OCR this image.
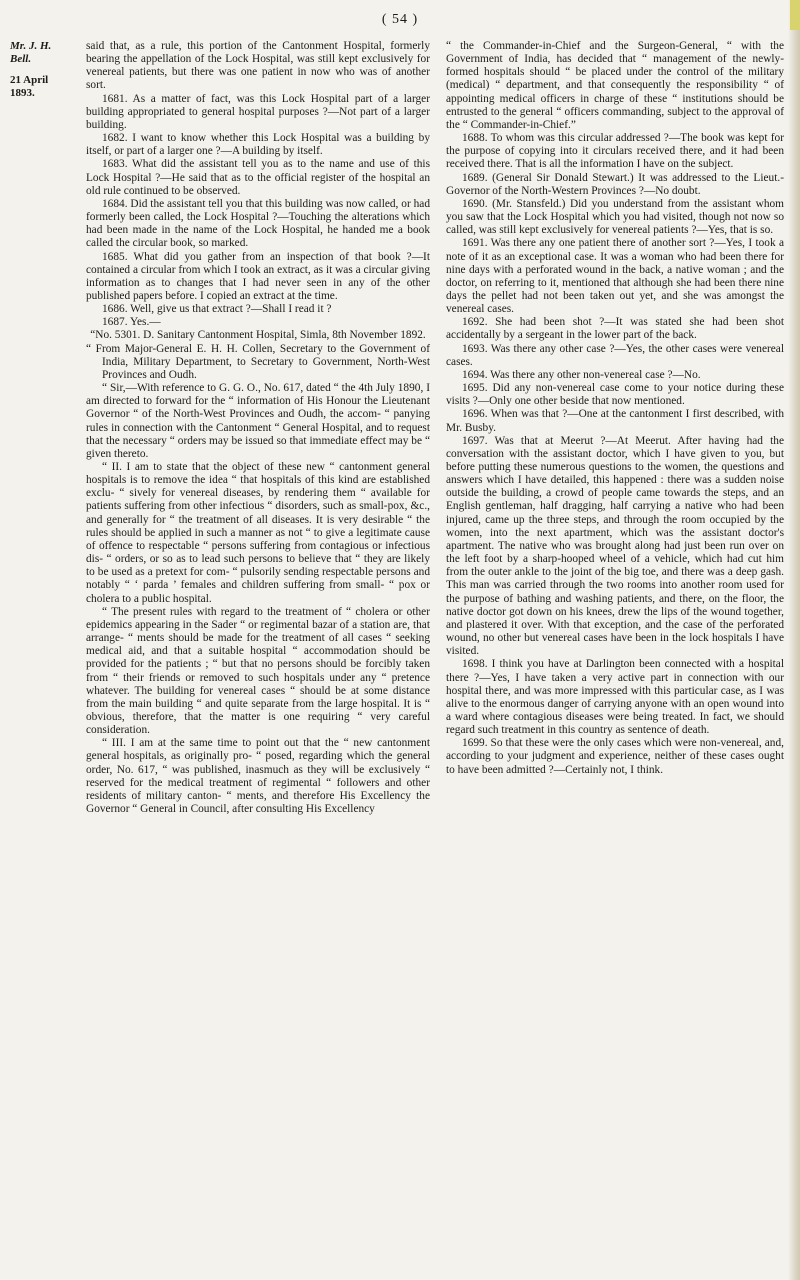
( 54 )
Mr. J. H. Bell.
21 April 1893.

said that, as a rule, this portion of the Cantonment Hospital, formerly bearing the appellation of the Lock Hospital, was still kept exclusively for venereal patients, but there was one patient in now who was of another sort.

1681. As a matter of fact, was this Lock Hospital part of a larger building appropriated to general hospital purposes ?—Not part of a larger building.

1682. I want to know whether this Lock Hospital was a building by itself, or part of a larger one ?—A building by itself.

1683. What did the assistant tell you as to the name and use of this Lock Hospital ?—He said that as to the official register of the hospital an old rule continued to be observed.

1684. Did the assistant tell you that this building was now called, or had formerly been called, the Lock Hospital ?—Touching the alterations which had been made in the name of the Lock Hospital, he handed me a book called the circular book, so marked.

1685. What did you gather from an inspection of that book ?—It contained a circular from which I took an extract, as it was a circular giving information as to changes that I had never seen in any of the other published papers before. I copied an extract at the time.

1686. Well, give us that extract ?—Shall I read it ?

1687. Yes.—

“No. 5301. D. Sanitary Cantonment Hospital, Simla, 8th November 1892.

“ From Major-General E. H. H. Collen, Secretary to the Government of India, Military Department, to Secretary to Government, North-West Provinces and Oudh.

“ Sir,—With reference to G. G. O., No. 617, dated “ the 4th July 1890, I am directed to forward for the “ information of His Honour the Lieutenant Governor “ of the North-West Provinces and Oudh, the accom- “ panying rules in connection with the Cantonment “ General Hospital, and to request that the necessary “ orders may be issued so that immediate effect may be “ given thereto.

“ II. I am to state that the object of these new “ cantonment general hospitals is to remove the idea “ that hospitals of this kind are established exclu- “ sively for venereal diseases, by rendering them “ available for patients suffering from other infectious “ disorders, such as small-pox, &c., and generally for “ the treatment of all diseases. It is very desirable “ the rules should be applied in such a manner as not “ to give a legitimate cause of offence to respectable “ persons suffering from contagious or infectious dis- “ orders, or so as to lead such persons to believe that “ they are likely to be used as a pretext for com- “ pulsorily sending respectable persons and notably “ ‘ parda ’ females and children suffering from small- “ pox or cholera to a public hospital.

“ The present rules with regard to the treatment of “ cholera or other epidemics appearing in the Sader “ or regimental bazar of a station are, that arrange- “ ments should be made for the treatment of all cases “ seeking medical aid, and that a suitable hospital “ accommodation should be provided for the patients ; “ but that no persons should be forcibly taken from “ their friends or removed to such hospitals under any “ pretence whatever. The building for venereal cases “ should be at some distance from the main building “ and quite separate from the large hospital. It is “ obvious, therefore, that the matter is one requiring “ very careful consideration.

“ III. I am at the same time to point out that the “ new cantonment general hospitals, as originally pro- “ posed, regarding which the general order, No. 617, “ was published, inasmuch as they will be exclusively “ reserved for the medical treatment of regimental “ followers and other residents of military canton- “ ments, and therefore His Excellency the Governor “ General in Council, after consulting His Excellency

“ the Commander-in-Chief and the Surgeon-General, “ with the Government of India, has decided that “ management of the newly-formed hospitals should “ be placed under the control of the military (medical) “ department, and that consequently the responsibility “ of appointing medical officers in charge of these “ institutions should be entrusted to the general “ officers commanding, subject to the approval of the “ Commander-in-Chief.”

1688. To whom was this circular addressed ?—The book was kept for the purpose of copying into it circulars received there, and it had been received there. That is all the information I have on the subject.

1689. (General Sir Donald Stewart.) It was addressed to the Lieut.-Governor of the North-Western Provinces ?—No doubt.

1690. (Mr. Stansfeld.) Did you understand from the assistant whom you saw that the Lock Hospital which you had visited, though not now so called, was still kept exclusively for venereal patients ?—Yes, that is so.

1691. Was there any one patient there of another sort ?—Yes, I took a note of it as an exceptional case. It was a woman who had been there for nine days with a perforated wound in the back, a native woman ; and the doctor, on referring to it, mentioned that although she had been there nine days the pellet had not been taken out yet, and she was amongst the venereal cases.

1692. She had been shot ?—It was stated she had been shot accidentally by a sergeant in the lower part of the back.

1693. Was there any other case ?—Yes, the other cases were venereal cases.

1694. Was there any other non-venereal case ?—No.

1695. Did any non-venereal case come to your notice during these visits ?—Only one other beside that now mentioned.

1696. When was that ?—One at the cantonment I first described, with Mr. Busby.

1697. Was that at Meerut ?—At Meerut. After having had the conversation with the assistant doctor, which I have given to you, but before putting these numerous questions to the women, the questions and answers which I have detailed, this happened : there was a sudden noise outside the building, a crowd of people came towards the steps, and an English gentleman, half dragging, half carrying a native who had been injured, came up the three steps, and through the room occupied by the women, into the next apartment, which was the assistant doctor's apartment. The native who was brought along had just been run over on the left foot by a sharp-hooped wheel of a vehicle, which had cut him from the outer ankle to the joint of the big toe, and there was a deep gash. This man was carried through the two rooms into another room used for the purpose of bathing and washing patients, and there, on the floor, the native doctor got down on his knees, drew the lips of the wound together, and plastered it over. With that exception, and the case of the perforated wound, no other but venereal cases have been in the lock hospitals I have visited.

1698. I think you have at Darlington been connected with a hospital there ?—Yes, I have taken a very active part in connection with our hospital there, and was more impressed with this particular case, as I was alive to the enormous danger of carrying anyone with an open wound into a ward where contagious diseases were being treated. In fact, we should regard such treatment in this country as sentence of death.

1699. So that these were the only cases which were non-venereal, and, according to your judgment and experience, neither of these cases ought to have been admitted ?—Certainly not, I think.
